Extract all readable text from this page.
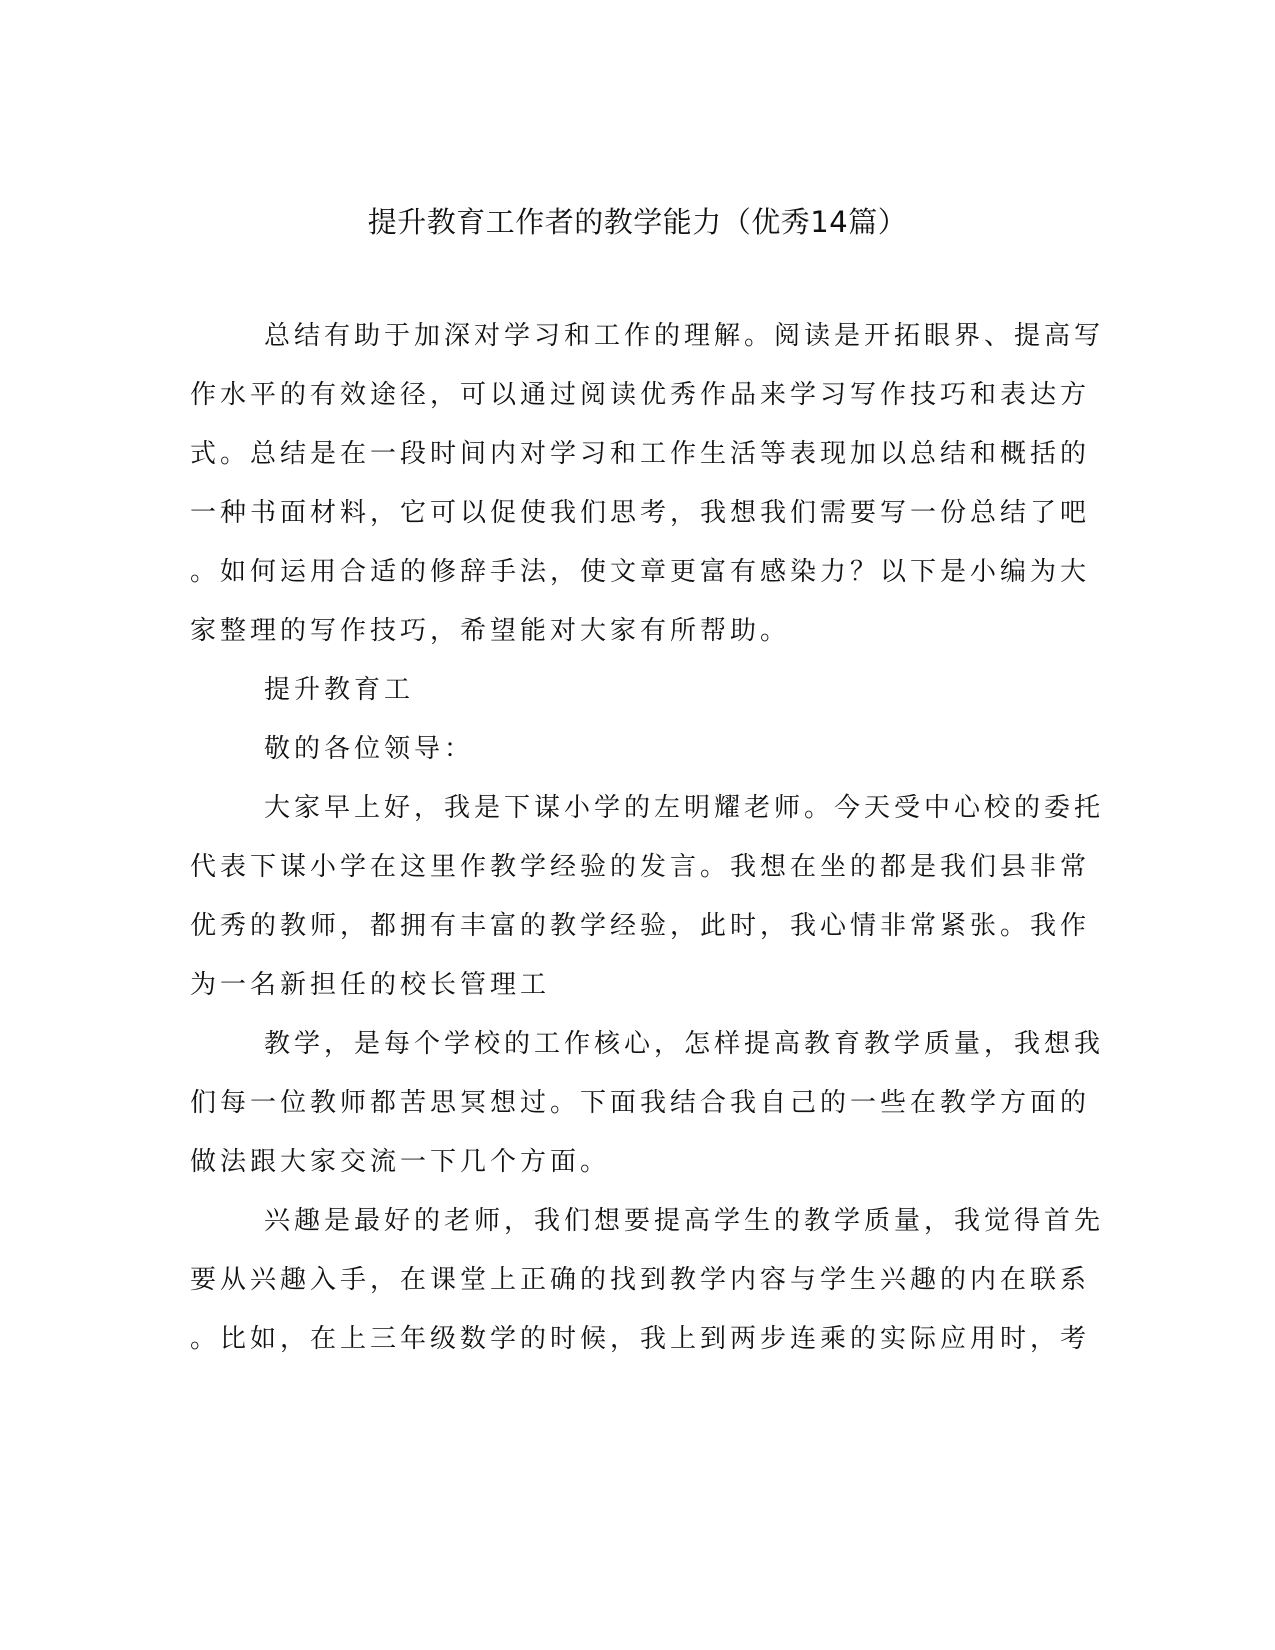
提升教育工作者的教学能力（优秀14篇）

总结有助于加深对学习和工作的理解。阅读是开拓眼界、提高写

作水平的有效途径，可以通过阅读优秀作品来学习写作技巧和表达方

式。总结是在一段时间内对学习和工作生活等表现加以总结和概括的

一种书面材料，它可以促使我们思考，我想我们需要写一份总结了吧

。如何运用合适的修辞手法，使文章更富有感染力？以下是小编为大

家整理的写作技巧，希望能对大家有所帮助。

提升教育工

敬的各位领导：

大家早上好，我是下谋小学的左明耀老师。今天受中心校的委托

代表下谋小学在这里作教学经验的发言。我想在坐的都是我们县非常

优秀的教师，都拥有丰富的教学经验，此时，我心情非常紧张。我作

为一名新担任的校长管理工

教学，是每个学校的工作核心，怎样提高教育教学质量，我想我

们每一位教师都苦思冥想过。下面我结合我自己的一些在教学方面的

做法跟大家交流一下几个方面。

兴趣是最好的老师，我们想要提高学生的教学质量，我觉得首先

要从兴趣入手，在课堂上正确的找到教学内容与学生兴趣的内在联系

。比如，在上三年级数学的时候，我上到两步连乘的实际应用时，考
